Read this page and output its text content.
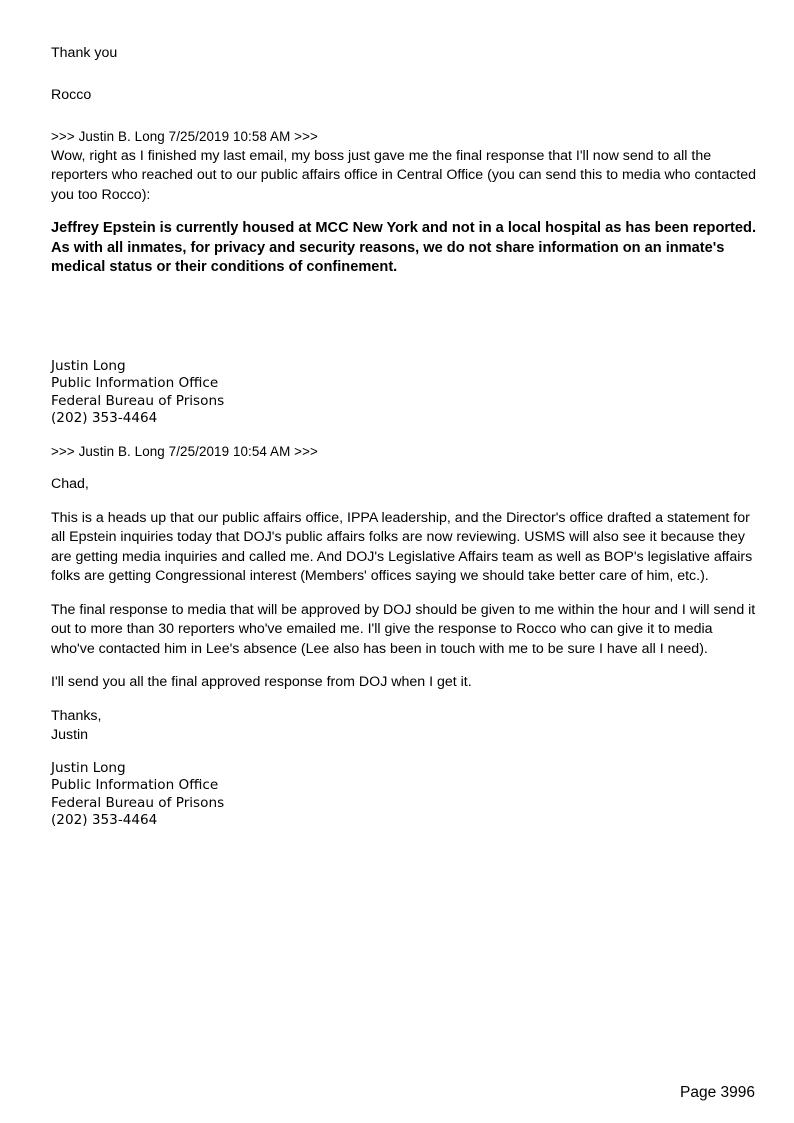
Thank you

Rocco

>>> Justin B. Long 7/25/2019 10:58 AM >>>

Wow, right as I finished my last email, my boss just gave me the final response that I'll now send to all the reporters who reached out to our public affairs office in Central Office (you can send this to media who contacted you too Rocco):

Jeffrey Epstein is currently housed at MCC New York and not in a local hospital as has been reported. As with all inmates, for privacy and security reasons, we do not share information on an inmate's medical status or their conditions of confinement.

Justin Long

Public Information Office

Federal Bureau of Prisons

(202) 353-4464

>>> Justin B. Long 7/25/2019 10:54 AM >>>

Chad,

This is a heads up that our public affairs office, IPPA leadership, and the Director's office drafted a statement for all Epstein inquiries today that DOJ's public affairs folks are now reviewing. USMS will also see it because they are getting media inquiries and called me. And DOJ's Legislative Affairs team as well as BOP's legislative affairs folks are getting Congressional interest (Members' offices saying we should take better care of him, etc.).

The final response to media that will be approved by DOJ should be given to me within the hour and I will send it out to more than 30 reporters who've emailed me. I'll give the response to Rocco who can give it to media who've contacted him in Lee's absence (Lee also has been in touch with me to be sure I have all I need).

I'll send you all the final approved response from DOJ when I get it.

Thanks,

Justin

Justin Long

Public Information Office

Federal Bureau of Prisons

(202) 353-4464

Page 3996
